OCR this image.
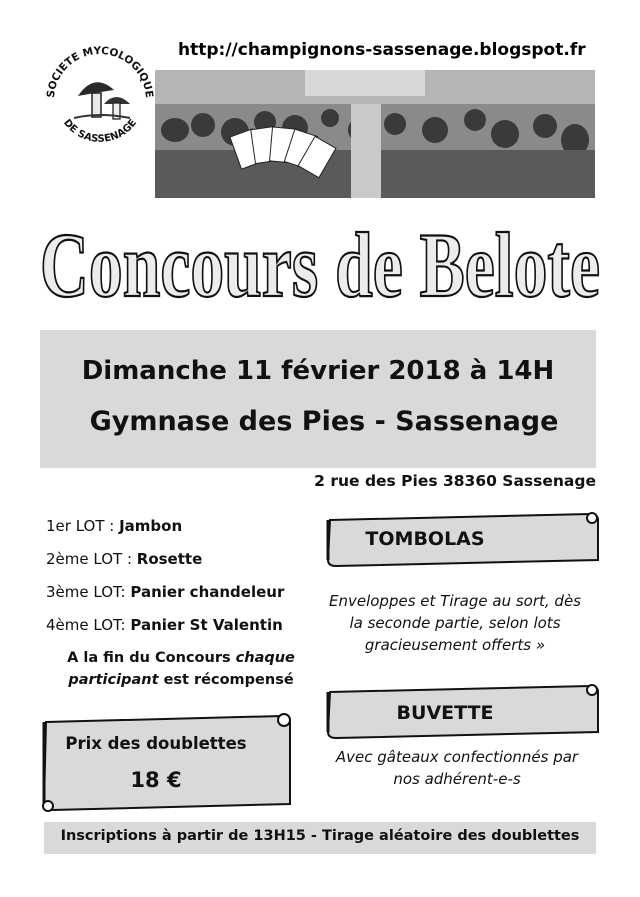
SOCIETE MYCOLOGIQUE
DE SASSENAGE
http://champignons-sassenage.blogspot.fr
Concours de Belote
Dimanche 11 février 2018 à 14H
Gymnase des Pies - Sassenage
2 rue des Pies 38360 Sassenage
1er LOT : Jambon
2ème LOT : Rosette
3ème LOT: Panier chandeleur
4ème LOT: Panier St Valentin
A la fin du Concours chaque
participant est récompensé
TOMBOLAS
Enveloppes et Tirage au sort, dès
la seconde partie, selon lots
gracieusement offerts »
BUVETTE
Avec gâteaux confectionnés par
nos adhérent-e-s
Prix des doublettes
18 €
Inscriptions à partir de 13H15 - Tirage aléatoire des doublettes
